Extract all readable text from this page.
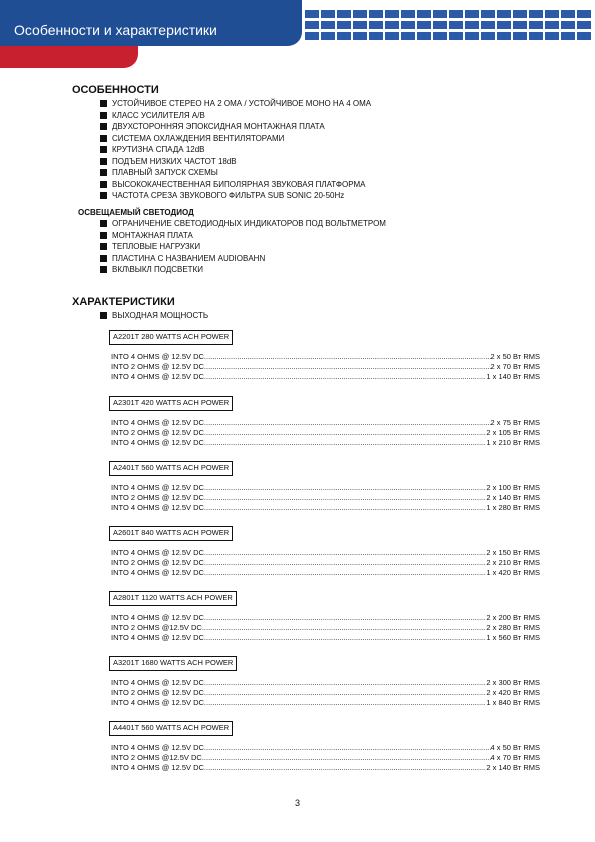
Особенности и характеристики
ОСОБЕННОСТИ
УСТОЙЧИВОЕ СТЕРЕО НА 2 ОМА / УСТОЙЧИВОЕ МОНО НА 4 ОМА
КЛАСС УСИЛИТЕЛЯ А/В
ДВУХСТОРОННЯЯ ЭПОКСИДНАЯ МОНТАЖНАЯ ПЛАТА
СИСТЕМА ОХЛАЖДЕНИЯ ВЕНТИЛЯТОРАМИ
КРУТИЗНА СПАДА 12dB
ПОДЪЕМ НИЗКИХ ЧАСТОТ 18dB
ПЛАВНЫЙ ЗАПУСК СХЕМЫ
ВЫСОКОКАЧЕСТВЕННАЯ БИПОЛЯРНАЯ ЗВУКОВАЯ ПЛАТФОРМА
ЧАСТОТА СРЕЗА ЗВУКОВОГО ФИЛЬТРА SUB SONIC 20-50Hz
ОСВЕЩАЕМЫЙ СВЕТОДИОД
ОГРАНИЧЕНИЕ СВЕТОДИОДНЫХ ИНДИКАТОРОВ ПОД ВОЛЬТМЕТРОМ
МОНТАЖНАЯ ПЛАТА
ТЕПЛОВЫЕ НАГРУЗКИ
ПЛАСТИНА С НАЗВАНИЕМ AUDIOBAHN
ВКЛ\ВЫКЛ ПОДСВЕТКИ
ХАРАКТЕРИСТИКИ
ВЫХОДНАЯ МОЩНОСТЬ
A2201T 280 WATTS ACH POWER
INTO 4 OHMS @ 12.5V DC .....	2 x 50 Вт RMS
INTO 2 OHMS @ 12.5V DC .....	2 x 70 Вт RMS
INTO 4 OHMS @ 12.5V DC .....	1 x 140 Вт RMS
A2301T 420 WATTS ACH POWER
INTO 4 OHMS @ 12.5V DC .....	2 x 75 Вт RMS
INTO 2 OHMS @ 12.5V DC .....	2 x 105 Вт RMS
INTO 4 OHMS @ 12.5V DC .....	1 x 210 Вт RMS
A2401T 560 WATTS ACH POWER
INTO 4 OHMS @ 12.5V DC .....	2 x 100 Вт RMS
INTO 2 OHMS @ 12.5V DC .....	2 x 140 Вт RMS
INTO 4 OHMS @ 12.5V DC .....	1 x 280 Вт RMS
A2601T 840 WATTS ACH POWER
INTO 4 OHMS @ 12.5V DC .....	2 x 150 Вт RMS
INTO 2 OHMS @ 12.5V DC .....	2 x 210 Вт RMS
INTO 4 OHMS @ 12.5V DC .....	1 x 420 Вт RMS
A2801T 1120 WATTS ACH POWER
INTO 4 OHMS @ 12.5V DC .....	2 x 200 Вт RMS
INTO 2 OHMS @12.5V DC .....	2 x 280 Вт RMS
INTO 4 OHMS @ 12.5V DC .....	1 x 560 Вт RMS
A3201T 1680 WATTS ACH POWER
INTO 4 OHMS @ 12.5V DC .....	2 x 300 Вт RMS
INTO 2 OHMS @ 12.5V DC .....	2 x 420 Вт RMS
INTO 4 OHMS @ 12.5V DC .....	1 x 840 Вт RMS
A4401T 560 WATTS ACH POWER
INTO 4 OHMS @ 12.5V DC .....	4 x 50 Вт RMS
INTO 2 OHMS @12.5V DC .....	4 x 70 Вт RMS
INTO 4 OHMS @ 12.5V DC .....	2 x 140 Вт RMS
3
